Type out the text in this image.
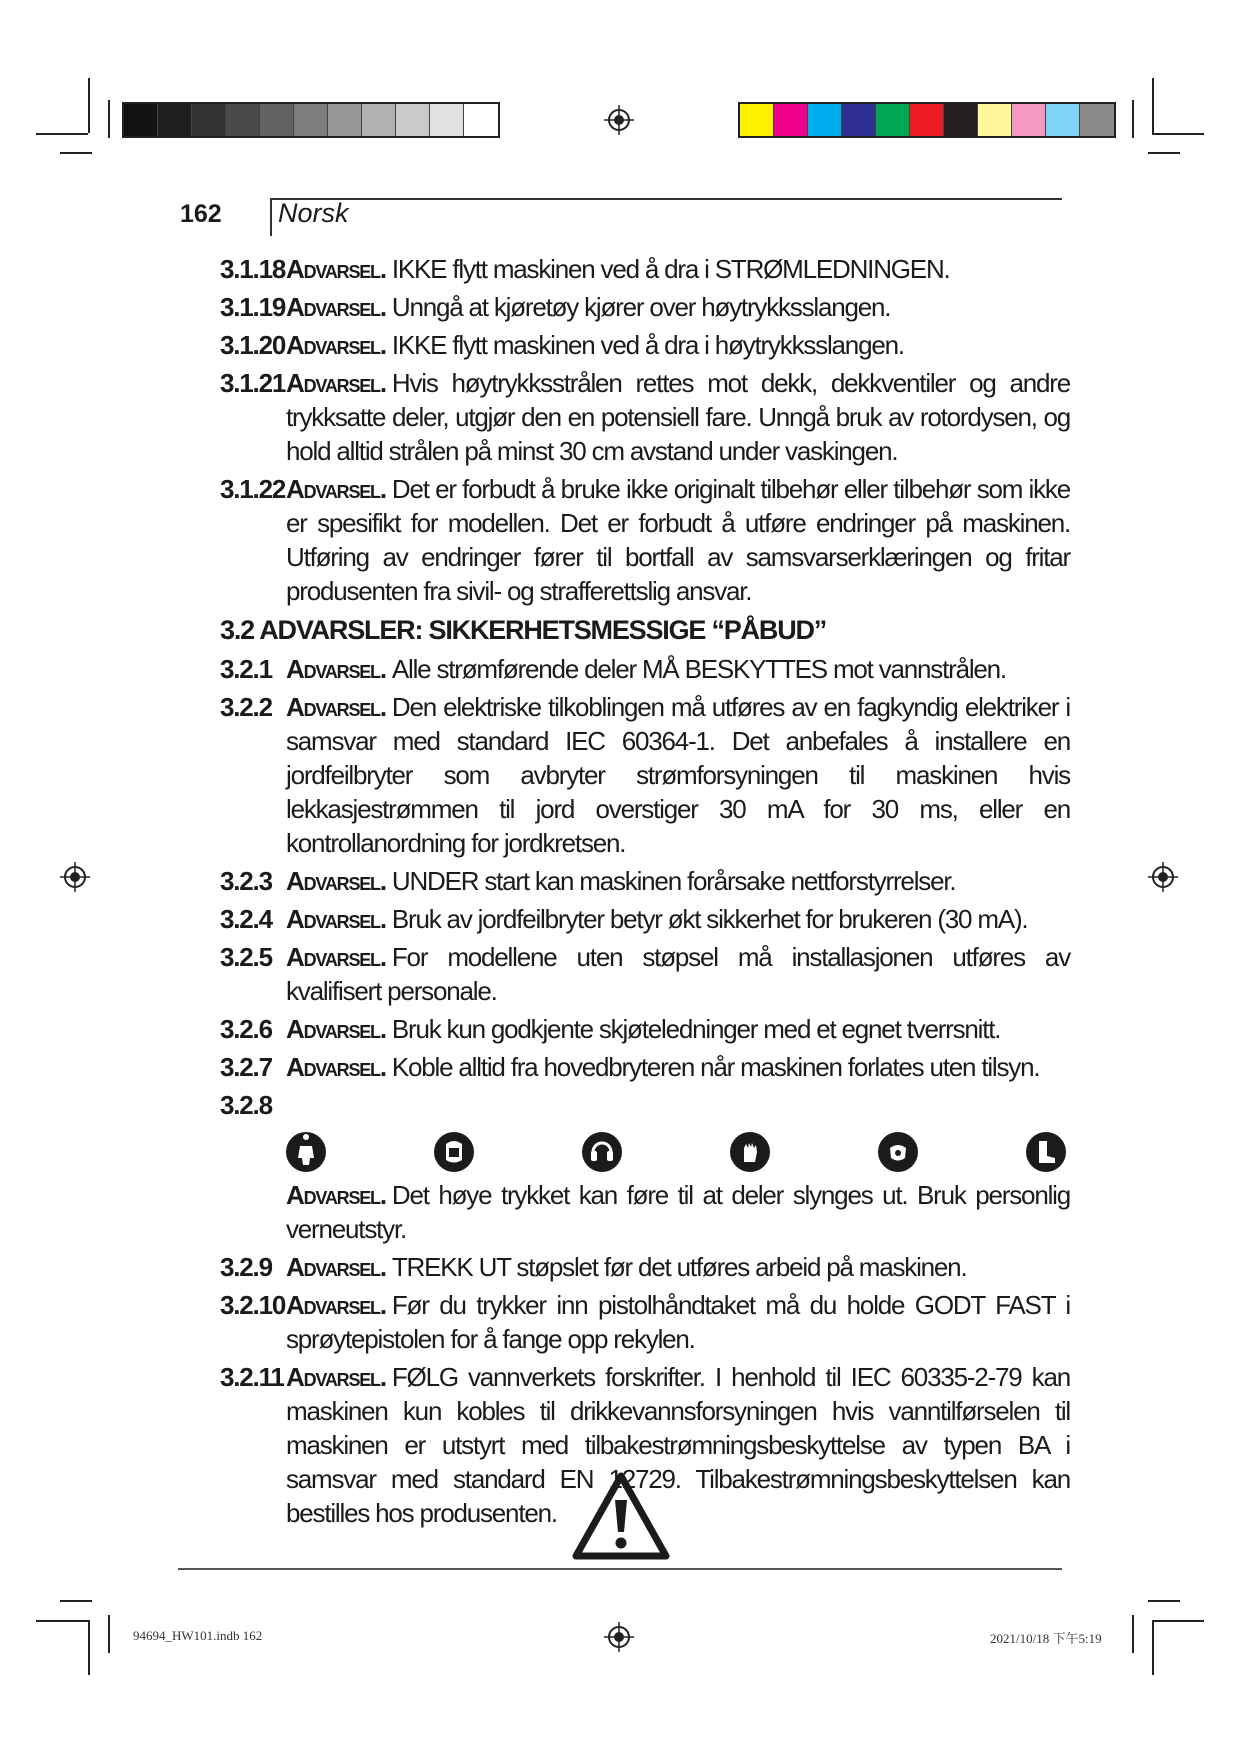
162 Norsk
3.1.18 Advarsel. IKKE flytt maskinen ved å dra i STRØMLEDNINGEN.
3.1.19 Advarsel. Unngå at kjøretøy kjører over høytrykksslangen.
3.1.20 Advarsel. IKKE flytt maskinen ved å dra i høytrykksslangen.
3.1.21 Advarsel. Hvis høytrykksstrålen rettes mot dekk, dekkventiler og andre trykksatte deler, utgjør den en potensiell fare. Unngå bruk av rotordysen, og hold alltid strålen på minst 30 cm avstand under vaskingen.
3.1.22 Advarsel. Det er forbudt å bruke ikke originalt tilbehør eller tilbehør som ikke er spesifikt for modellen. Det er forbudt å utføre endringer på maskinen. Utføring av endringer fører til bortfall av samsvarserklæringen og fritar produsenten fra sivil- og strafferettslig ansvar.
3.2 ADVARSLER: SIKKERHETSMESSIGE “PÅBUD”
3.2.1 Advarsel. Alle strømførende deler MÅ BESKYTTES mot vannstrålen.
3.2.2 Advarsel. Den elektriske tilkoblingen må utføres av en fagkyndig elektriker i samsvar med standard IEC 60364-1. Det anbefales å installere en jordfeilbryter som avbryter strømforsyningen til maskinen hvis lekkasjestrømmen til jord overstiger 30 mA for 30 ms, eller en kontrollanordning for jordkretsen.
3.2.3 Advarsel. UNDER start kan maskinen forårsake nettforstyrrelser.
3.2.4 Advarsel. Bruk av jordfeilbryter betyr økt sikkerhet for brukeren (30 mA).
3.2.5 Advarsel. For modellene uten støpsel må installasjonen utføres av kvalifisert personale.
3.2.6 Advarsel. Bruk kun godkjente skjøteledninger med et egnet tverrsnitt.
3.2.7 Advarsel. Koble alltid fra hovedbryteren når maskinen forlates uten tilsyn.
3.2.8
Advarsel. Det høye trykket kan føre til at deler slynges ut. Bruk personlig verneutstyr.
3.2.9 Advarsel. TREKK UT støpslet før det utføres arbeid på maskinen.
3.2.10 Advarsel. Før du trykker inn pistolhåndtaket må du holde GODT FAST i sprøytepistolen for å fange opp rekylen.
3.2.11 Advarsel. FØLG vannverkets forskrifter. I henhold til IEC 60335-2-79 kan maskinen kun kobles til drikkevannsforsyningen hvis vanntilførselen til maskinen er utstyrt med tilbakestrømningsbeskyttelse av typen BA i samsvar med standard EN 12729. Tilbakestrømningsbeskyttelsen kan bestilles hos produsenten.
94694_HW101.indb 162	2021/10/18 下午5:19
